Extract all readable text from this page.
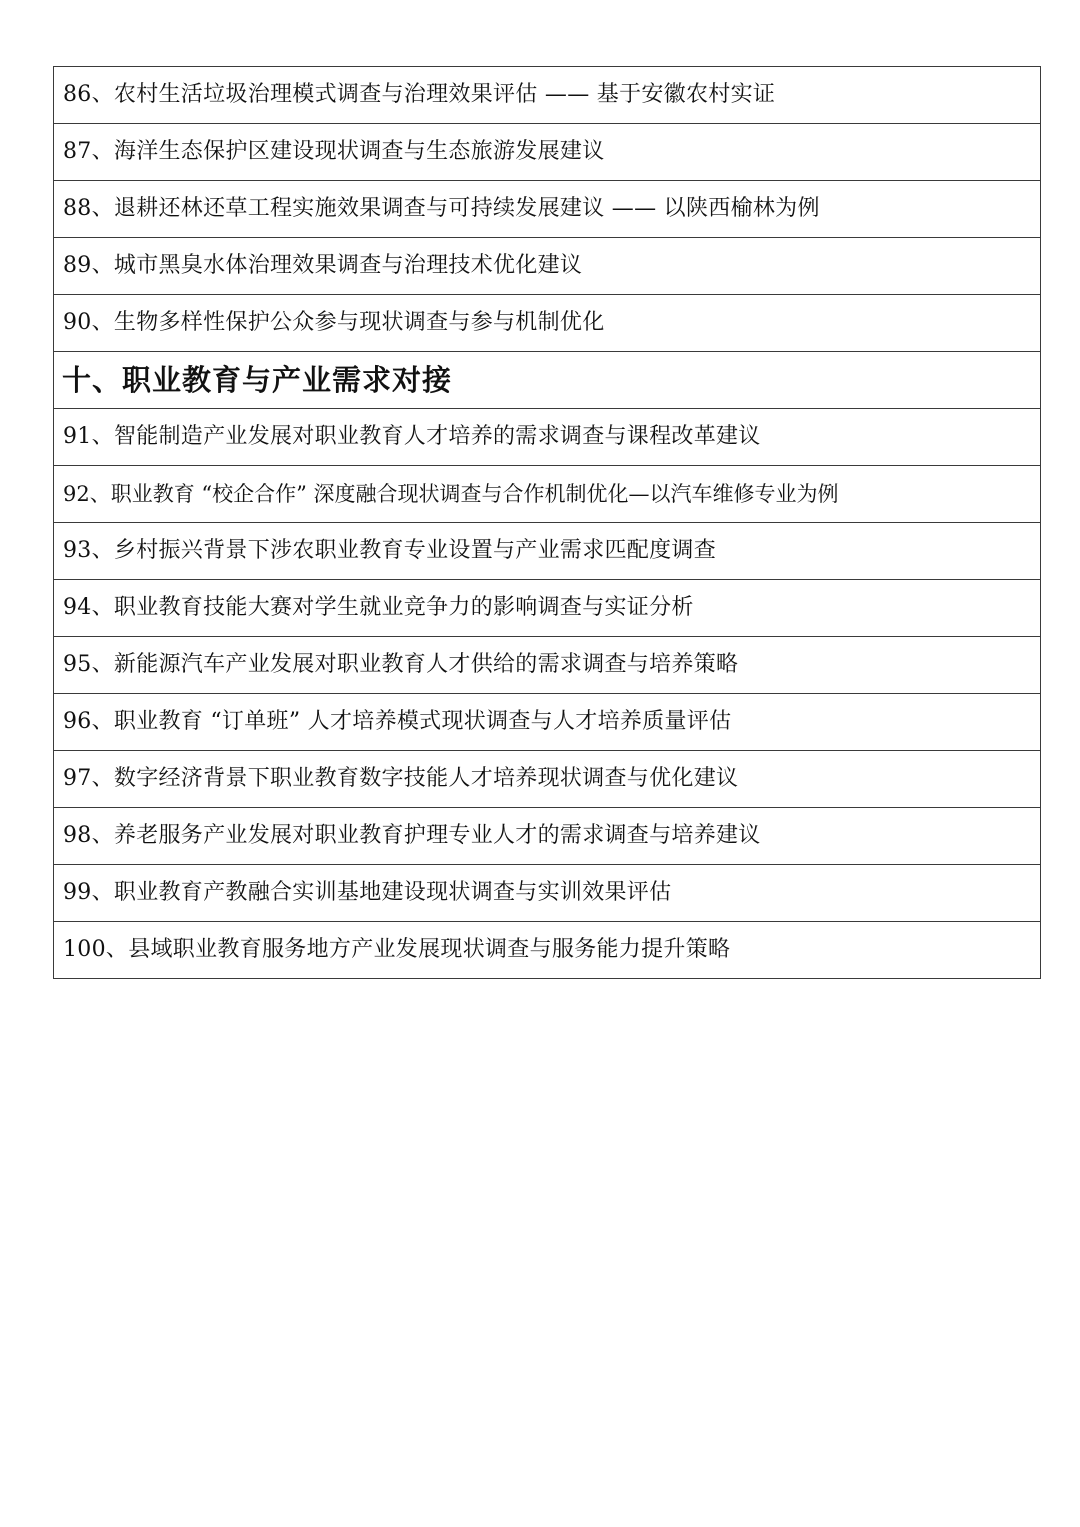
86、农村生活垃圾治理模式调查与治理效果评估 —— 基于安徽农村实证
87、海洋生态保护区建设现状调查与生态旅游发展建议
88、退耕还林还草工程实施效果调查与可持续发展建议 —— 以陕西榆林为例
89、城市黑臭水体治理效果调查与治理技术优化建议
90、生物多样性保护公众参与现状调查与参与机制优化
十、职业教育与产业需求对接
91、智能制造产业发展对职业教育人才培养的需求调查与课程改革建议
92、职业教育 “校企合作” 深度融合现状调查与合作机制优化—以汽车维修专业为例
93、乡村振兴背景下涉农职业教育专业设置与产业需求匹配度调查
94、职业教育技能大赛对学生就业竞争力的影响调查与实证分析
95、新能源汽车产业发展对职业教育人才供给的需求调查与培养策略
96、职业教育 “订单班” 人才培养模式现状调查与人才培养质量评估
97、数字经济背景下职业教育数字技能人才培养现状调查与优化建议
98、养老服务产业发展对职业教育护理专业人才的需求调查与培养建议
99、职业教育产教融合实训基地建设现状调查与实训效果评估
100、县域职业教育服务地方产业发展现状调查与服务能力提升策略
